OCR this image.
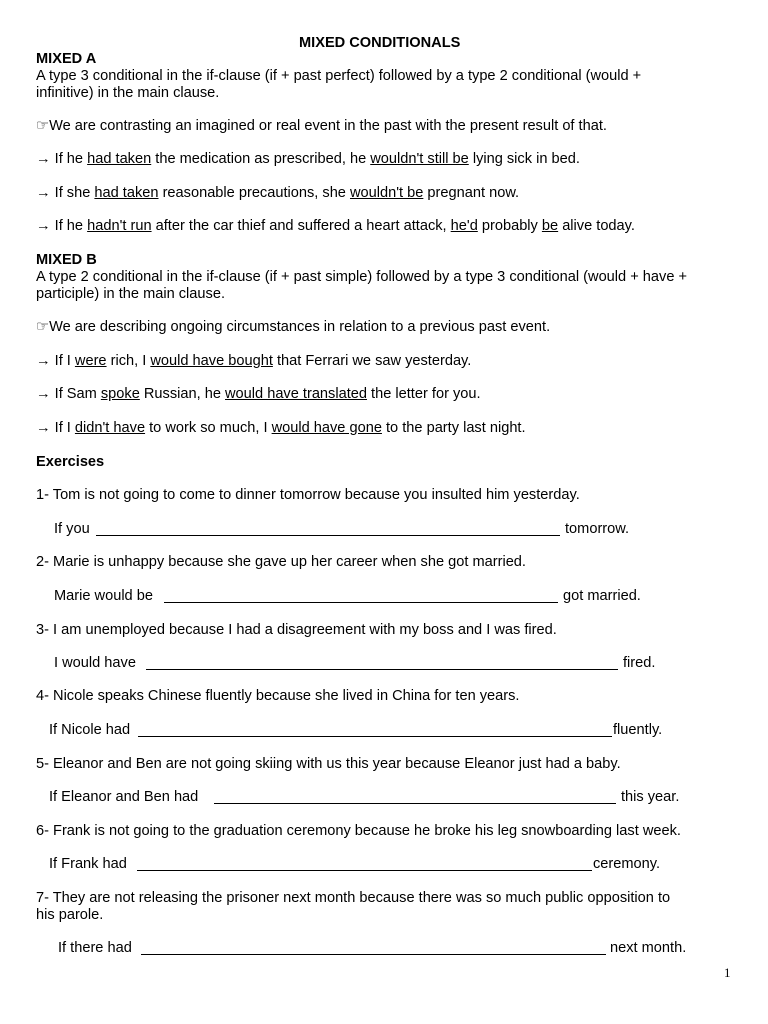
MIXED CONDITIONALS
MIXED A
A type 3 conditional in the if-clause (if + past perfect) followed by a type 2 conditional (would +
infinitive) in the main clause.
☞We are contrasting an imagined or real event in the past with the present result of that.
→ If he had taken the medication as prescribed, he wouldn't still be lying sick in bed.
→ If she had taken reasonable precautions, she wouldn't be pregnant now.
→ If he hadn't run after the car thief and suffered a heart attack, he'd probably be alive today.
MIXED B
A type 2 conditional in the if-clause (if + past simple) followed by a type 3 conditional (would + have +
participle) in the main clause.
☞We are describing ongoing circumstances in relation to a previous past event.
→ If I were rich, I would have bought that Ferrari we saw yesterday.
→ If Sam spoke Russian, he would have translated the letter for you.
→ If I didn't have to work so much, I would have gone to the party last night.
Exercises
1- Tom is not going to come to dinner tomorrow because you insulted him yesterday.
If you	tomorrow.
2- Marie is unhappy because she gave up her career when she got married.
Marie would be	got married.
3- I am unemployed because I had a disagreement with my boss and I was fired.
I would have	fired.
4- Nicole speaks Chinese fluently because she lived in China for ten years.
If Nicole had	fluently.
5- Eleanor and Ben are not going skiing with us this year because Eleanor just had a baby.
If Eleanor and Ben had	this year.
6- Frank is not going to the graduation ceremony because he broke his leg snowboarding last week.
If Frank had	ceremony.
7- They are not releasing the prisoner next month because there was so much public opposition to
his parole.
If there had	next month.
1
